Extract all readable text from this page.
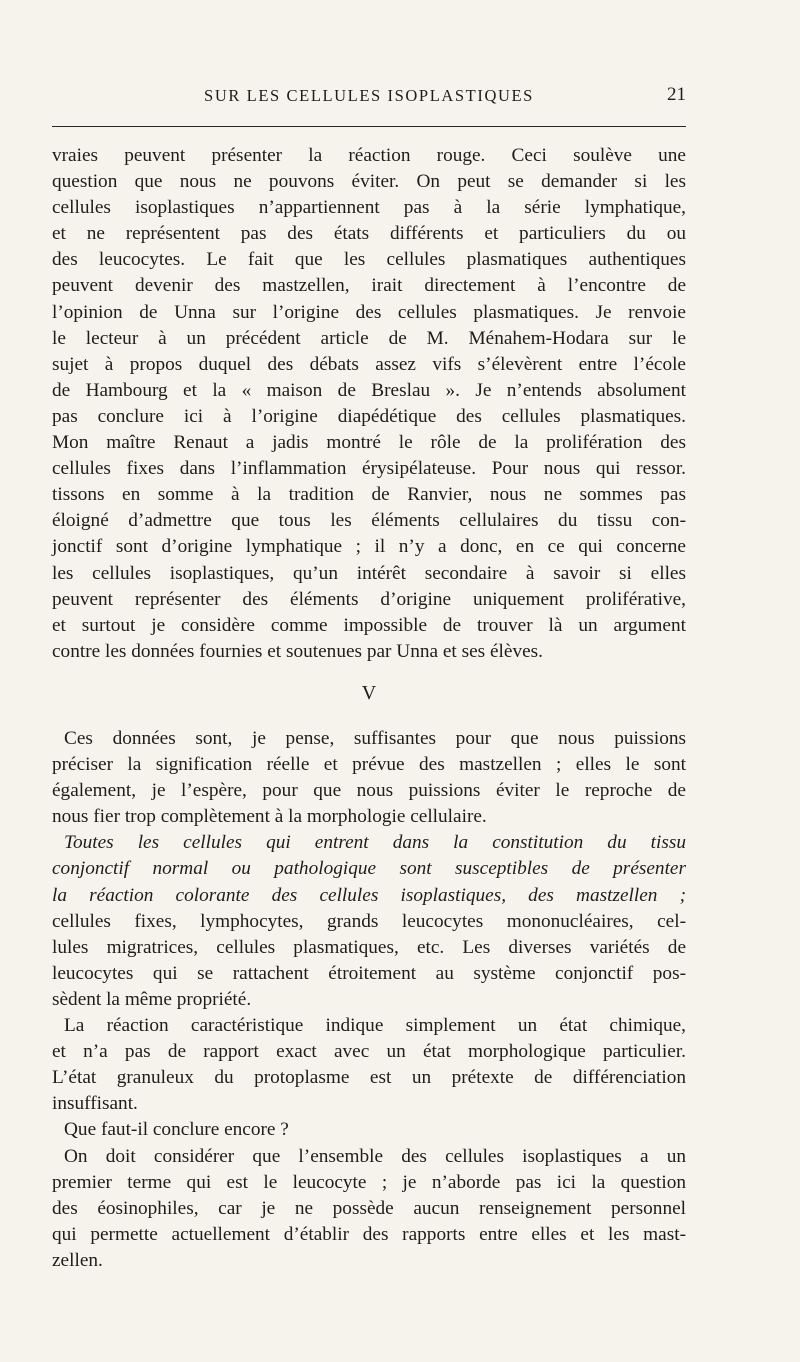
SUR LES CELLULES ISOPLASTIQUES	21
vraies peuvent présenter la réaction rouge. Ceci soulève une
question que nous ne pouvons éviter. On peut se demander si les
cellules isoplastiques n’appartiennent pas à la série lymphatique,
et ne représentent pas des états différents et particuliers du ou
des leucocytes. Le fait que les cellules plasmatiques authentiques
peuvent devenir des mastzellen, irait directement à l’encontre de
l’opinion de Unna sur l’origine des cellules plasmatiques. Je renvoie
le lecteur à un précédent article de M. Ménahem-Hodara sur le
sujet à propos duquel des débats assez vifs s’élevèrent entre l’école
de Hambourg et la « maison de Breslau ». Je n’entends absolument
pas conclure ici à l’origine diapédétique des cellules plasmatiques.
Mon maître Renaut a jadis montré le rôle de la prolifération des
cellules fixes dans l’inflammation érysipélateuse. Pour nous qui ressor.
tissons en somme à la tradition de Ranvier, nous ne sommes pas
éloigné d’admettre que tous les éléments cellulaires du tissu con-
jonctif sont d’origine lymphatique ; il n’y a donc, en ce qui concerne
les cellules isoplastiques, qu’un intérêt secondaire à savoir si elles
peuvent représenter des éléments d’origine uniquement proliférative,
et surtout je considère comme impossible de trouver là un argument
contre les données fournies et soutenues par Unna et ses élèves.
V
Ces données sont, je pense, suffisantes pour que nous puissions
préciser la signification réelle et prévue des mastzellen ; elles le sont
également, je l’espère, pour que nous puissions éviter le reproche de
nous fier trop complètement à la morphologie cellulaire.
Toutes les cellules qui entrent dans la constitution du tissu
conjonctif normal ou pathologique sont susceptibles de présenter
la réaction colorante des cellules isoplastiques, des mastzellen ;
cellules fixes, lymphocytes, grands leucocytes mononucléaires, cel-
lules migratrices, cellules plasmatiques, etc. Les diverses variétés de
leucocytes qui se rattachent étroitement au système conjonctif pos-
sèdent la même propriété.
La réaction caractéristique indique simplement un état chimique,
et n’a pas de rapport exact avec un état morphologique particulier.
L’état granuleux du protoplasme est un prétexte de différenciation
insuffisant.
Que faut-il conclure encore ?
On doit considérer que l’ensemble des cellules isoplastiques a un
premier terme qui est le leucocyte ; je n’aborde pas ici la question
des éosinophiles, car je ne possède aucun renseignement personnel
qui permette actuellement d’établir des rapports entre elles et les mast-
zellen.
